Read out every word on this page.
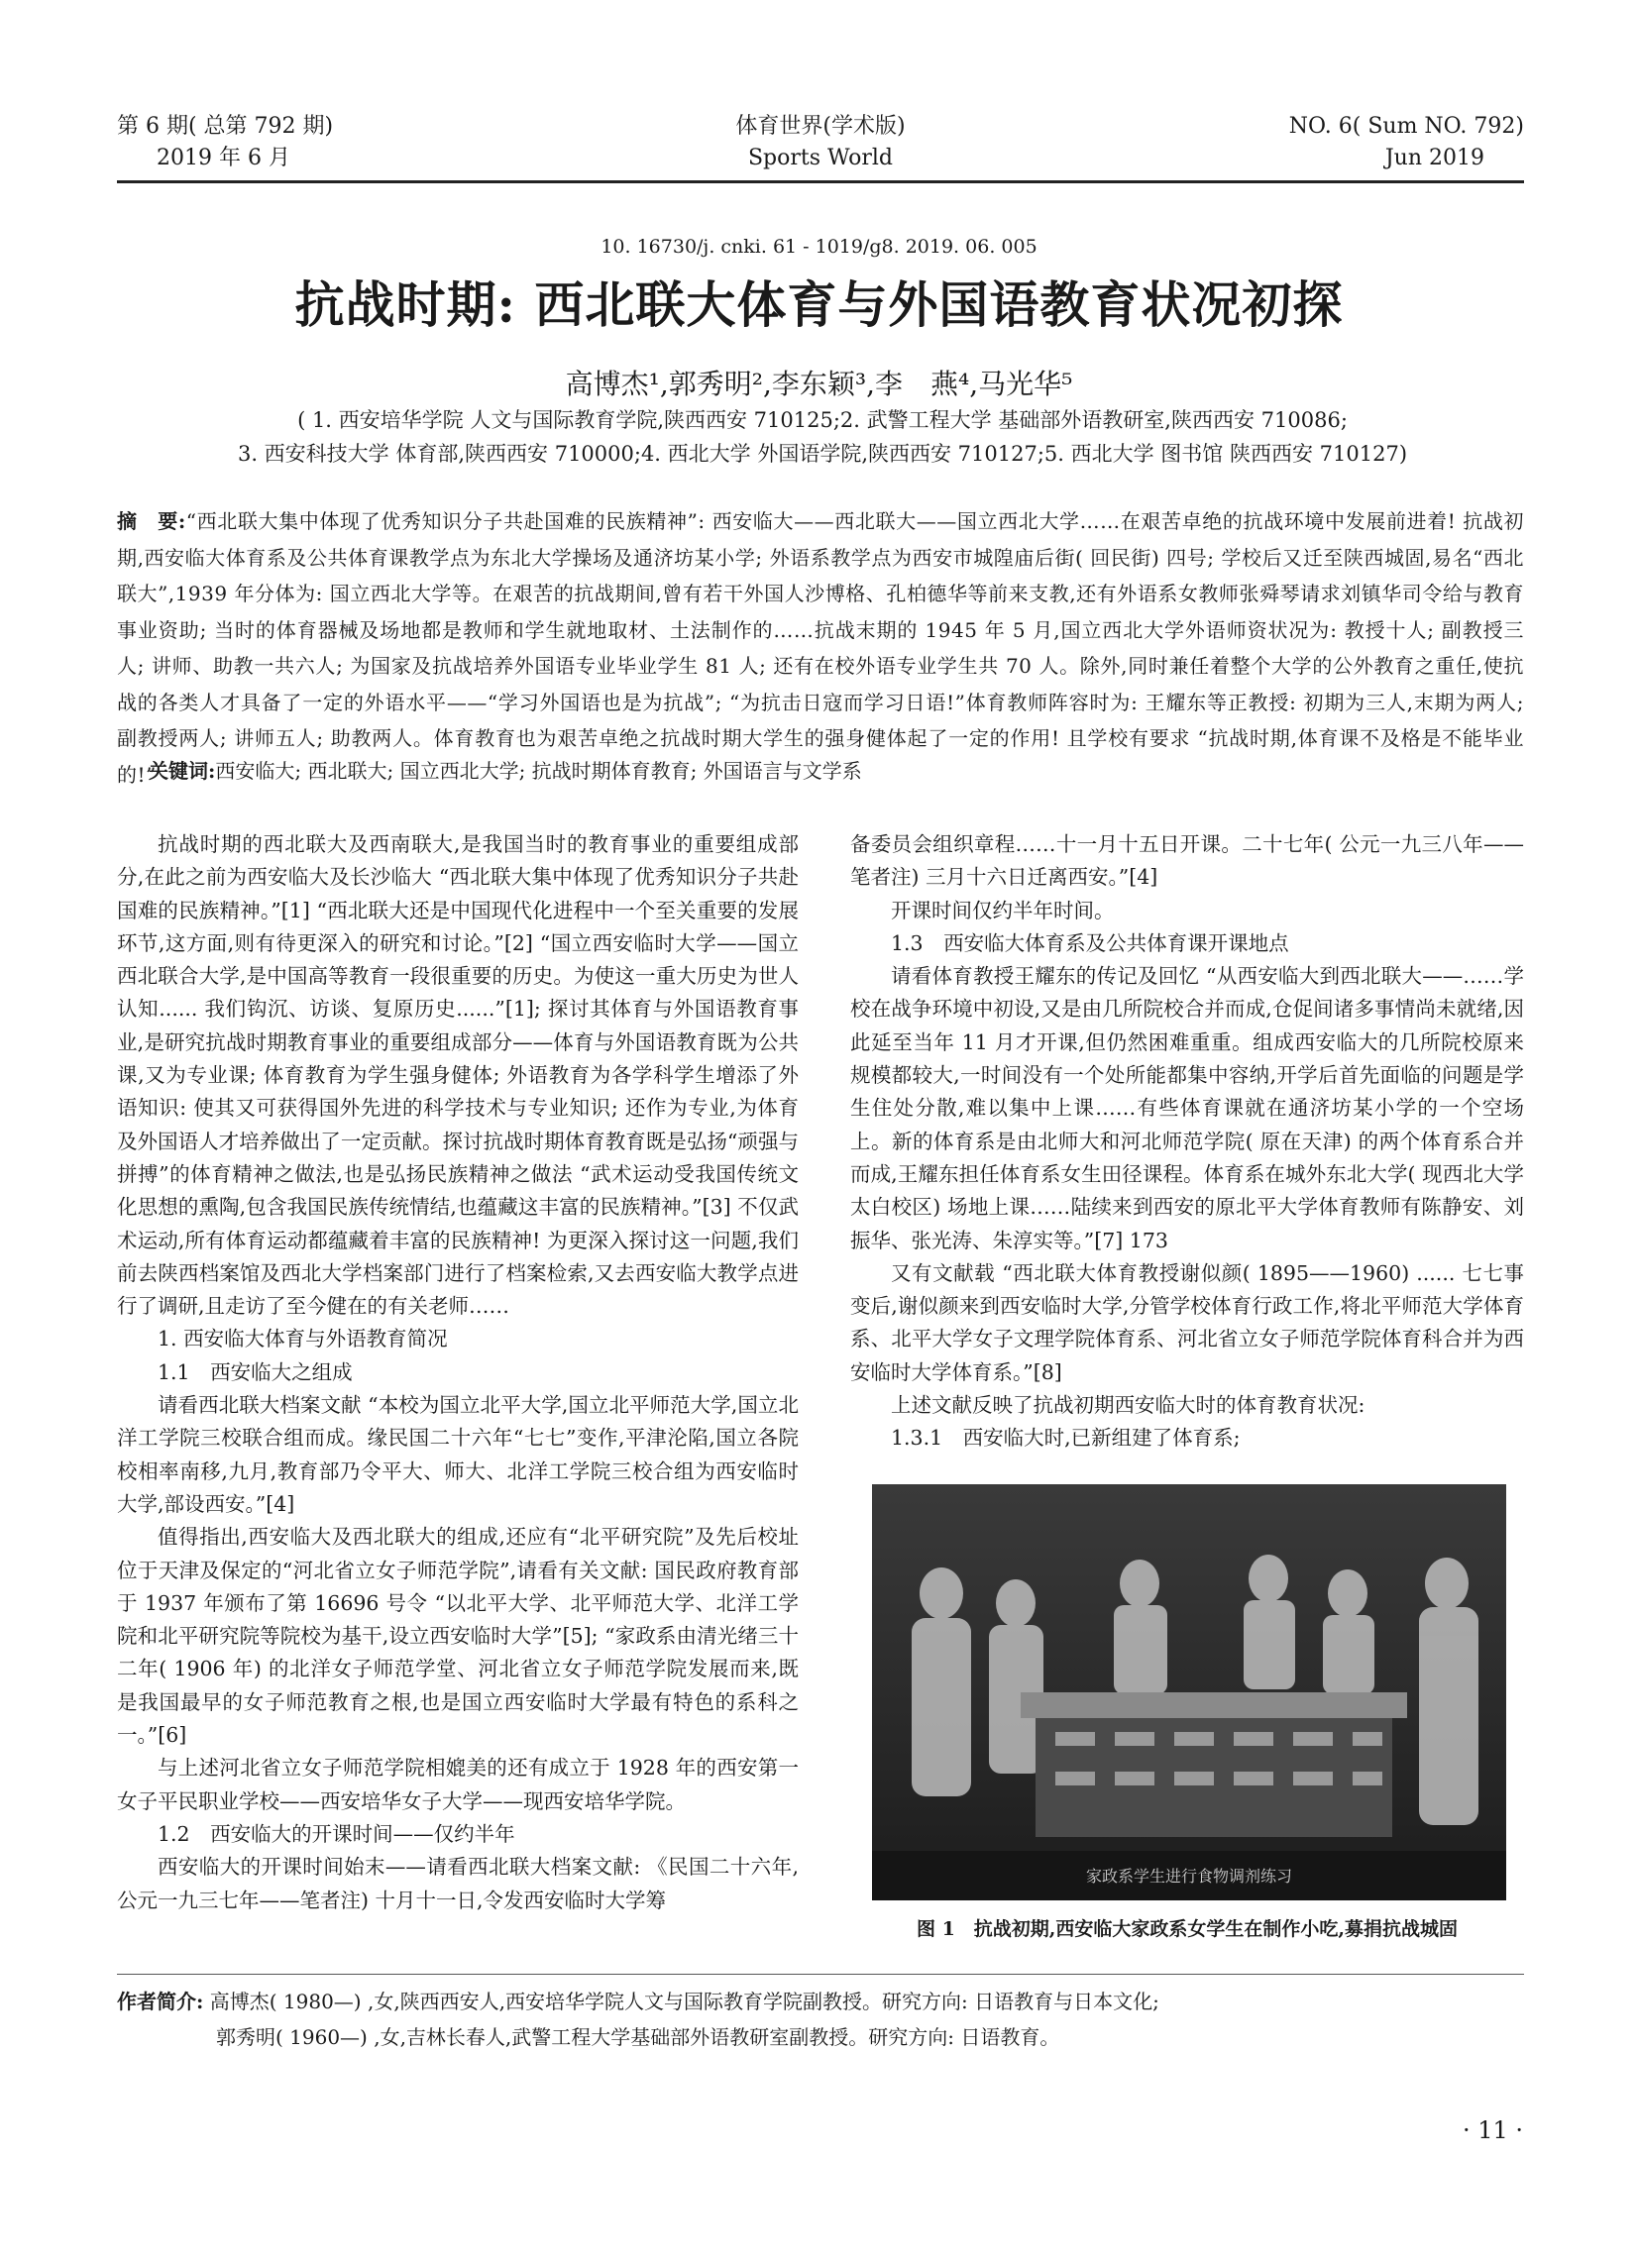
第 6 期( 总第 792 期)
2019 年 6 月
体育世界(学术版)
Sports World
NO. 6( Sum NO. 792)
Jun 2019
10. 16730/j. cnki. 61 - 1019/g8. 2019. 06. 005
抗战时期: 西北联大体育与外国语教育状况初探
高博杰¹,郭秀明²,李东颖³,李　燕⁴,马光华⁵
( 1. 西安培华学院 人文与国际教育学院,陕西西安 710125;2. 武警工程大学 基础部外语教研室,陕西西安 710086;
3. 西安科技大学 体育部,陕西西安 710000;4. 西北大学 外国语学院,陕西西安 710127;5. 西北大学 图书馆 陕西西安 710127)
摘　要:“西北联大集中体现了优秀知识分子共赴国难的民族精神”: 西安临大——西北联大——国立西北大学……在艰苦卓绝的抗战环境中发展前进着! 抗战初期,西安临大体育系及公共体育课教学点为东北大学操场及通济坊某小学; 外语系教学点为西安市城隍庙后街( 回民街) 四号; 学校后又迁至陕西城固,易名“西北联大”,1939 年分体为: 国立西北大学等。在艰苦的抗战期间,曾有若干外国人沙博格、孔柏德华等前来支教,还有外语系女教师张舜琴请求刘镇华司令给与教育事业资助; 当时的体育器械及场地都是教师和学生就地取材、土法制作的……抗战末期的 1945 年 5 月,国立西北大学外语师资状况为: 教授十人; 副教授三人; 讲师、助教一共六人; 为国家及抗战培养外国语专业毕业学生 81 人; 还有在校外语专业学生共 70 人。除外,同时兼任着整个大学的公外教育之重任,使抗战的各类人才具备了一定的外语水平——“学习外国语也是为抗战”; “为抗击日寇而学习日语!”体育教师阵容时为: 王耀东等正教授: 初期为三人,末期为两人; 副教授两人; 讲师五人; 助教两人。体育教育也为艰苦卓绝之抗战时期大学生的强身健体起了一定的作用! 且学校有要求 “抗战时期,体育课不及格是不能毕业的!”
关键词:西安临大; 西北联大; 国立西北大学; 抗战时期体育教育; 外国语言与文学系

抗战时期的西北联大及西南联大,是我国当时的教育事业的重要组成部分,在此之前为西安临大及长沙临大 “西北联大集中体现了优秀知识分子共赴国难的民族精神。”[1] “西北联大还是中国现代化进程中一个至关重要的发展环节,这方面,则有待更深入的研究和讨论。”[2] “国立西安临时大学——国立西北联合大学,是中国高等教育一段很重要的历史。为使这一重大历史为世人认知...... 我们钩沉、访谈、复原历史......”[1]; 探讨其体育与外国语教育事业,是研究抗战时期教育事业的重要组成部分——体育与外国语教育既为公共课,又为专业课; 体育教育为学生强身健体; 外语教育为各学科学生增添了外语知识: 使其又可获得国外先进的科学技术与专业知识; 还作为专业,为体育及外国语人才培养做出了一定贡献。探讨抗战时期体育教育既是弘扬“顽强与拼搏”的体育精神之做法,也是弘扬民族精神之做法 “武术运动受我国传统文化思想的熏陶,包含我国民族传统情结,也蕴藏这丰富的民族精神。”[3] 不仅武术运动,所有体育运动都蕴藏着丰富的民族精神! 为更深入探讨这一问题,我们前去陕西档案馆及西北大学档案部门进行了档案检索,又去西安临大教学点进行了调研,且走访了至今健在的有关老师……

1. 西安临大体育与外语教育简况

1.1　西安临大之组成

请看西北联大档案文献 “本校为国立北平大学,国立北平师范大学,国立北洋工学院三校联合组而成。缘民国二十六年“七七”变作,平津沦陷,国立各院校相率南移,九月,教育部乃令平大、师大、北洋工学院三校合组为西安临时大学,部设西安。”[4]

值得指出,西安临大及西北联大的组成,还应有“北平研究院”及先后校址位于天津及保定的“河北省立女子师范学院”,请看有关文献: 国民政府教育部于 1937 年颁布了第 16696 号令 “以北平大学、北平师范大学、北洋工学院和北平研究院等院校为基干,设立西安临时大学”[5]; “家政系由清光绪三十二年( 1906 年) 的北洋女子师范学堂、河北省立女子师范学院发展而来,既是我国最早的女子师范教育之根,也是国立西安临时大学最有特色的系科之一。”[6]

与上述河北省立女子师范学院相媲美的还有成立于 1928 年的西安第一女子平民职业学校——西安培华女子大学——现西安培华学院。

1.2　西安临大的开课时间——仅约半年

西安临大的开课时间始末——请看西北联大档案文献: 《民国二十六年,公元一九三七年——笔者注) 十月十一日,令发西安临时大学筹

备委员会组织章程……十一月十五日开课。二十七年( 公元一九三八年——笔者注) 三月十六日迁离西安。”[4]

开课时间仅约半年时间。

1.3　西安临大体育系及公共体育课开课地点

请看体育教授王耀东的传记及回忆 “从西安临大到西北联大——……学校在战争环境中初设,又是由几所院校合并而成,仓促间诸多事情尚未就绪,因此延至当年 11 月才开课,但仍然困难重重。组成西安临大的几所院校原来规模都较大,一时间没有一个处所能都集中容纳,开学后首先面临的问题是学生住处分散,难以集中上课……有些体育课就在通济坊某小学的一个空场上。新的体育系是由北师大和河北师范学院( 原在天津) 的两个体育系合并而成,王耀东担任体育系女生田径课程。体育系在城外东北大学( 现西北大学太白校区) 场地上课……陆续来到西安的原北平大学体育教师有陈静安、刘振华、张光涛、朱淳实等。”[7] 173

又有文献载 “西北联大体育教授谢似颜( 1895——1960) ...... 七七事变后,谢似颜来到西安临时大学,分管学校体育行政工作,将北平师范大学体育系、北平大学女子文理学院体育系、河北省立女子师范学院体育科合并为西安临时大学体育系。”[8]

上述文献反映了抗战初期西安临大时的体育教育状况:

1.3.1　西安临大时,已新组建了体育系;

家政系学生进行食物调剂练习
图 1　抗战初期,西安临大家政系女学生在制作小吃,募捐抗战城固
作者简介: 高博杰( 1980—) ,女,陕西西安人,西安培华学院人文与国际教育学院副教授。研究方向: 日语教育与日本文化;
郭秀明( 1960—) ,女,吉林长春人,武警工程大学基础部外语教研室副教授。研究方向: 日语教育。
· 11 ·
